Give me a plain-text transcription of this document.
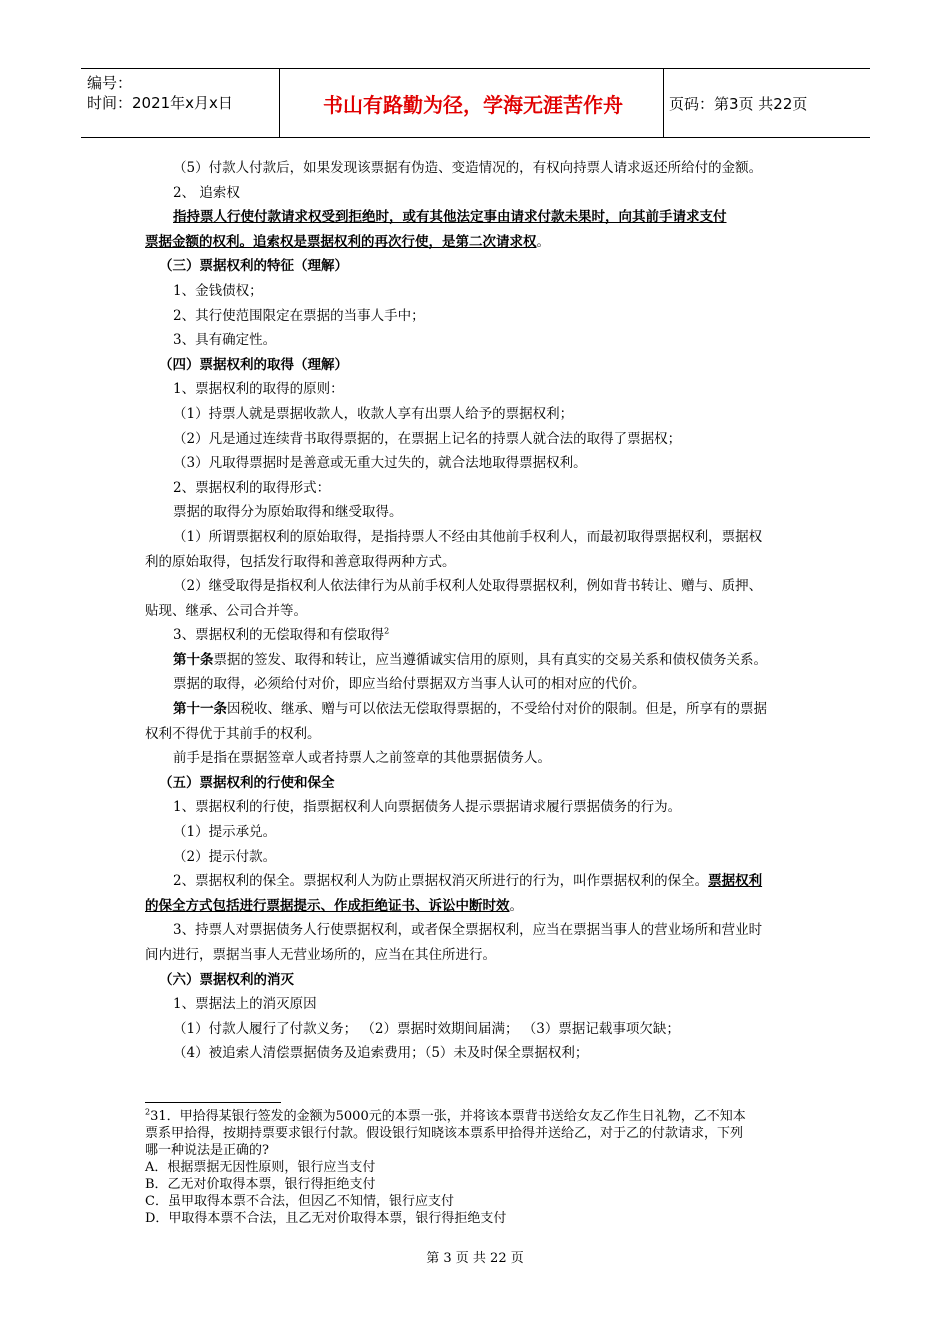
编号：
时间：2021年x月x日	书山有路勤为径，学海无涯苦作舟	页码：第3页 共22页
（5）付款人付款后，如果发现该票据有伪造、变造情况的，有权向持票人请求返还所给付的金额。
2、 追索权
指持票人行使付款请求权受到拒绝时，或有其他法定事由请求付款未果时，向其前手请求支付
票据金额的权利。追索权是票据权利的再次行使，是第二次请求权。
（三）票据权利的特征（理解）
1、金钱债权；
2、其行使范围限定在票据的当事人手中；
3、具有确定性。
（四）票据权利的取得（理解）
1、票据权利的取得的原则：
（1）持票人就是票据收款人，收款人享有出票人给予的票据权利；
（2）凡是通过连续背书取得票据的，在票据上记名的持票人就合法的取得了票据权；
（3）凡取得票据时是善意或无重大过失的，就合法地取得票据权利。
2、票据权利的取得形式：
票据的取得分为原始取得和继受取得。
（1）所谓票据权利的原始取得，是指持票人不经由其他前手权利人，而最初取得票据权利，票据权
利的原始取得，包括发行取得和善意取得两种方式。
（2）继受取得是指权利人依法律行为从前手权利人处取得票据权利，例如背书转让、赠与、质押、
贴现、继承、公司合并等。
3、票据权利的无偿取得和有偿取得$^2$
第十条票据的签发、取得和转让，应当遵循诚实信用的原则，具有真实的交易关系和债权债务关系。
票据的取得，必须给付对价，即应当给付票据双方当事人认可的相对应的代价。
第十一条因税收、继承、赠与可以依法无偿取得票据的，不受给付对价的限制。但是，所享有的票据
权利不得优于其前手的权利。
前手是指在票据签章人或者持票人之前签章的其他票据债务人。
（五）票据权利的行使和保全
1、票据权利的行使，指票据权利人向票据债务人提示票据请求履行票据债务的行为。
（1）提示承兑。
（2）提示付款。
2、票据权利的保全。票据权利人为防止票据权消灭所进行的行为，叫作票据权利的保全。票据权利
的保全方式包括进行票据提示、作成拒绝证书、诉讼中断时效。
3、持票人对票据债务人行使票据权利，或者保全票据权利，应当在票据当事人的营业场所和营业时
间内进行，票据当事人无营业场所的，应当在其住所进行。
（六）票据权利的消灭
1、票据法上的消灭原因
（1）付款人履行了付款义务； （2）票据时效期间届满； （3）票据记载事项欠缺；
（4）被追索人清偿票据债务及追索费用；（5）未及时保全票据权利；
$^2$31．甲拾得某银行签发的金额为5000元的本票一张，并将该本票背书送给女友乙作生日礼物，乙不知本
票系甲拾得，按期持票要求银行付款。假设银行知晓该本票系甲拾得并送给乙，对于乙的付款请求，下列
哪一种说法是正确的?
A．根据票据无因性原则，银行应当支付
B．乙无对价取得本票，银行得拒绝支付
C．虽甲取得本票不合法，但因乙不知情，银行应支付
D．甲取得本票不合法，且乙无对价取得本票，银行得拒绝支付
第 3 页 共 22 页
